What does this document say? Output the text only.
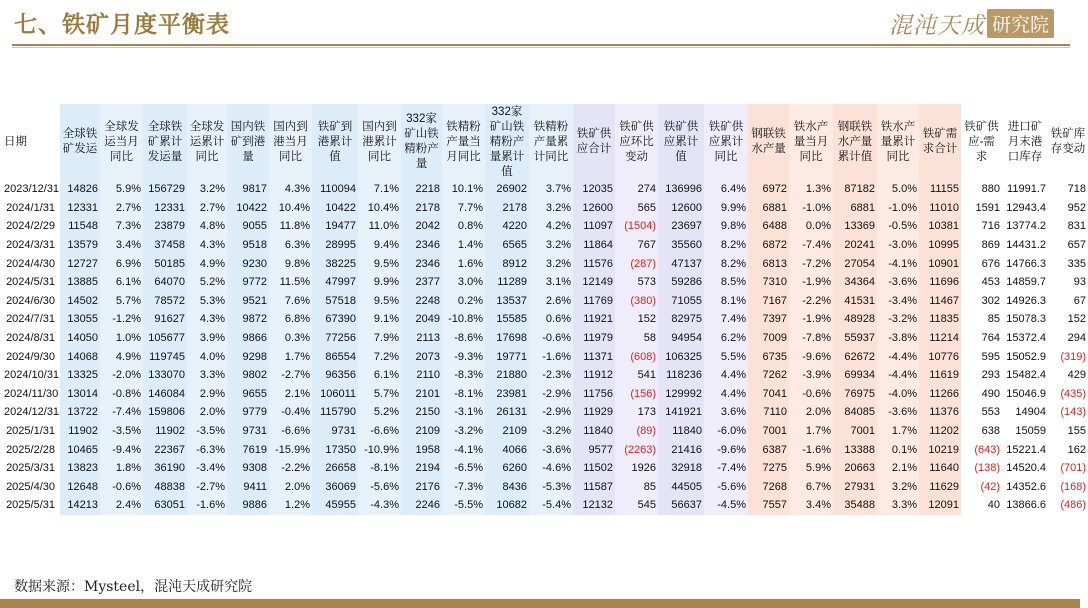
七、铁矿月度平衡表	混沌天成 研究院
日期	全球铁矿发运	全球发运当月同比	全球铁矿累计发运量	全球发运累计同比	国内铁矿到港量	国内到港当月同比	铁矿到港累计值	国内到港累计同比	332家矿山铁精粉产量	铁精粉产量当月同比	332家矿山铁精粉产量累计值	铁精粉产量累计同比	铁矿供应合计	铁矿供应环比变动	铁矿供应累计值	铁矿供应累计同比	钢联铁水产量	铁水产量当月同比	钢联铁水产量累计值	铁水产量累计同比	铁矿需求合计	铁矿供应-需求	进口矿月末港口库存	铁矿库存变动
2023/12/31	14826	5.9%	156729	3.2%	9817	4.3%	110094	7.1%	2218	10.1%	26902	3.7%	12035	274	136996	6.4%	6972	1.3%	87182	5.0%	11155	880	11991.7	718
2024/1/31	12331	2.7%	12331	2.7%	10422	10.4%	10422	10.4%	2178	7.7%	2178	3.2%	12600	565	12600	9.9%	6881	-1.0%	6881	-1.0%	11010	1591	12943.4	952
2024/2/29	11548	7.3%	23879	4.8%	9055	11.8%	19477	11.0%	2042	0.8%	4220	4.2%	11097	(1504)	23697	9.8%	6488	0.0%	13369	-0.5%	10381	716	13774.2	831
2024/3/31	13579	3.4%	37458	4.3%	9518	6.3%	28995	9.4%	2346	1.4%	6565	3.2%	11864	767	35560	8.2%	6872	-7.4%	20241	-3.0%	10995	869	14431.2	657
2024/4/30	12727	6.9%	50185	4.9%	9230	9.8%	38225	9.5%	2346	1.6%	8912	3.2%	11576	(287)	47137	8.2%	6813	-7.2%	27054	-4.1%	10901	676	14766.3	335
2024/5/31	13885	6.1%	64070	5.2%	9772	11.5%	47997	9.9%	2377	3.0%	11289	3.1%	12149	573	59286	8.5%	7310	-1.9%	34364	-3.6%	11696	453	14859.7	93
2024/6/30	14502	5.7%	78572	5.3%	9521	7.6%	57518	9.5%	2248	0.2%	13537	2.6%	11769	(380)	71055	8.1%	7167	-2.2%	41531	-3.4%	11467	302	14926.3	67
2024/7/31	13055	-1.2%	91627	4.3%	9872	6.8%	67390	9.1%	2049	-10.8%	15585	0.6%	11921	152	82975	7.4%	7397	-1.9%	48928	-3.2%	11835	85	15078.3	152
2024/8/31	14050	1.0%	105677	3.9%	9866	0.3%	77256	7.9%	2113	-8.6%	17698	-0.6%	11979	58	94954	6.2%	7009	-7.8%	55937	-3.8%	11214	764	15372.4	294
2024/9/30	14068	4.9%	119745	4.0%	9298	1.7%	86554	7.2%	2073	-9.3%	19771	-1.6%	11371	(608)	106325	5.5%	6735	-9.6%	62672	-4.4%	10776	595	15052.9	(319)
2024/10/31	13325	-2.0%	133070	3.3%	9802	-2.7%	96356	6.1%	2110	-8.3%	21880	-2.3%	11912	541	118236	4.4%	7262	-3.9%	69934	-4.4%	11619	293	15482.4	429
2024/11/30	13014	-0.8%	146084	2.9%	9655	2.1%	106011	5.7%	2101	-8.1%	23981	-2.9%	11756	(156)	129992	4.4%	7041	-0.6%	76975	-4.0%	11266	490	15046.9	(435)
2024/12/31	13722	-7.4%	159806	2.0%	9779	-0.4%	115790	5.2%	2150	-3.1%	26131	-2.9%	11929	173	141921	3.6%	7110	2.0%	84085	-3.6%	11376	553	14904	(143)
2025/1/31	11902	-3.5%	11902	-3.5%	9731	-6.6%	9731	-6.6%	2109	-3.2%	2109	-3.2%	11840	(89)	11840	-6.0%	7001	1.7%	7001	1.7%	11202	638	15059	155
2025/2/28	10465	-9.4%	22367	-6.3%	7619	-15.9%	17350	-10.9%	1958	-4.1%	4066	-3.6%	9577	(2263)	21416	-9.6%	6387	-1.6%	13388	0.1%	10219	(643)	15221.4	162
2025/3/31	13823	1.8%	36190	-3.4%	9308	-2.2%	26658	-8.1%	2194	-6.5%	6260	-4.6%	11502	1926	32918	-7.4%	7275	5.9%	20663	2.1%	11640	(138)	14520.4	(701)
2025/4/30	12648	-0.6%	48838	-2.7%	9411	2.0%	36069	-5.6%	2176	-7.3%	8436	-5.3%	11587	85	44505	-5.6%	7268	6.7%	27931	3.2%	11629	(42)	14352.6	(168)
2025/5/31	14213	2.4%	63051	-1.6%	9886	1.2%	45955	-4.3%	2246	-5.5%	10682	-5.4%	12132	545	56637	-4.5%	7557	3.4%	35488	3.3%	12091	40	13866.6	(486)
数据来源：Mysteel，混沌天成研究院
